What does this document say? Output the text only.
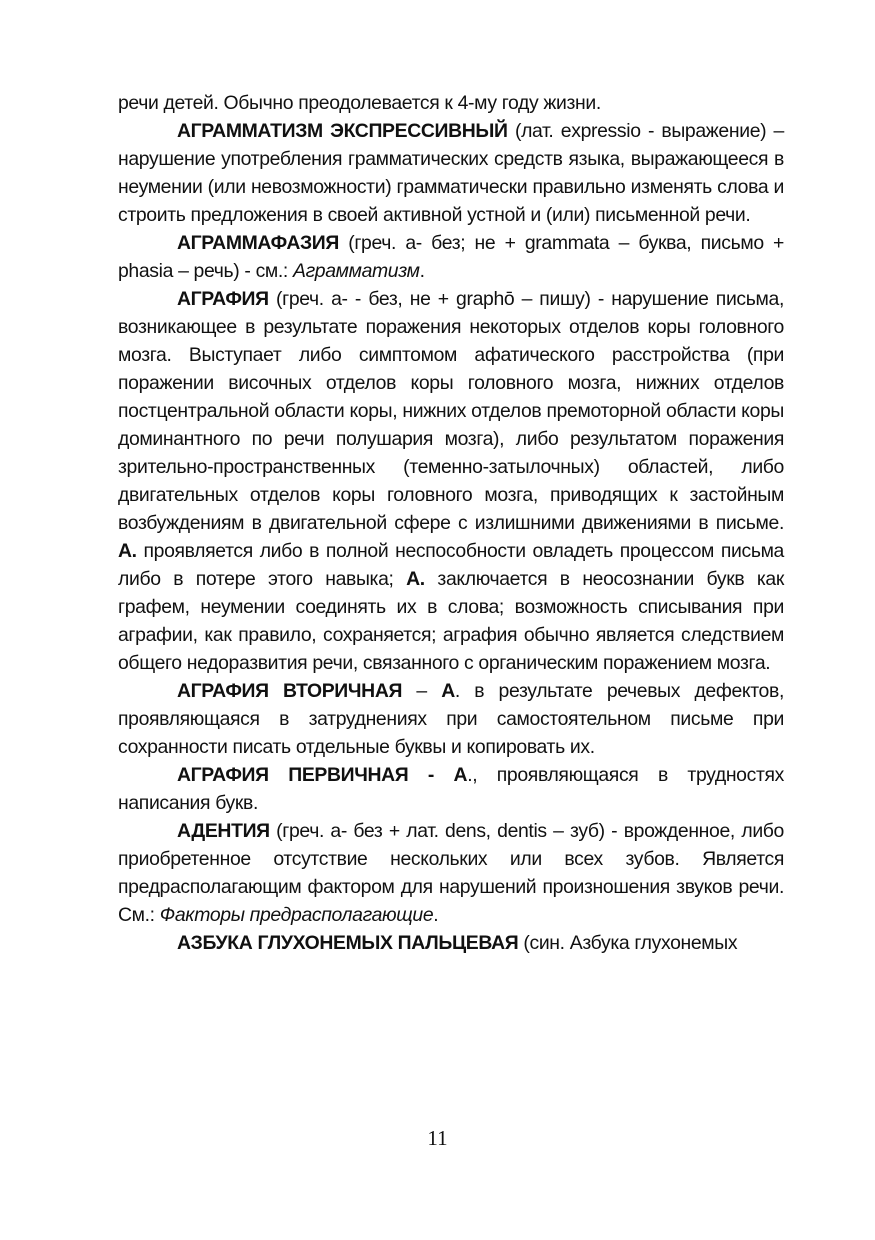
речи детей. Обычно преодолевается к 4-му году жизни.

АГРАММАТИЗМ ЭКСПРЕССИВНЫЙ (лат. expressio - выражение) – нарушение употребления грамматических средств языка, выражающееся в неумении (или невозможности) грамматически правильно изменять слова и строить предложения в своей активной устной и (или) письменной речи.

АГРАММАФАЗИЯ (греч. а- без; не + grammata – буква, письмо + phasia – речь) - см.: Аграмматизм.

АГРАФИЯ (греч. а- - без, не + graphō – пишу) - нарушение письма, возникающее в результате поражения некоторых отделов коры головного мозга. Выступает либо симптомом афатического расстройства (при поражении височных отделов коры головного мозга, нижних отделов постцентральной области коры, нижних отделов премоторной области коры доминантного по речи полушария мозга), либо результатом поражения зрительно-пространственных (теменно-затылочных) областей, либо двигательных отделов коры головного мозга, приводящих к застойным возбуждениям в двигательной сфере с излишними движениями в письме. А. проявляется либо в полной неспособности овладеть процессом письма либо в потере этого навыка; А. заключается в неосознании букв как графем, неумении соединять их в слова; возможность списывания при аграфии, как правило, сохраняется; аграфия обычно является следствием общего недоразвития речи, связанного с органическим поражением мозга.

АГРАФИЯ ВТОРИЧНАЯ – А. в результате речевых дефектов, проявляющаяся в затруднениях при самостоятельном письме при сохранности писать отдельные буквы и копировать их.

АГРАФИЯ ПЕРВИЧНАЯ - А., проявляющаяся в трудностях написания букв.

АДЕНТИЯ (греч. а- без + лат. dens, dentis – зуб) - врожденное, либо приобретенное отсутствие нескольких или всех зубов. Является предрасполагающим фактором для нарушений произношения звуков речи. См.: Факторы предрасполагающие.

АЗБУКА ГЛУХОНЕМЫХ ПАЛЬЦЕВАЯ (син. Азбука глухонемых

11
